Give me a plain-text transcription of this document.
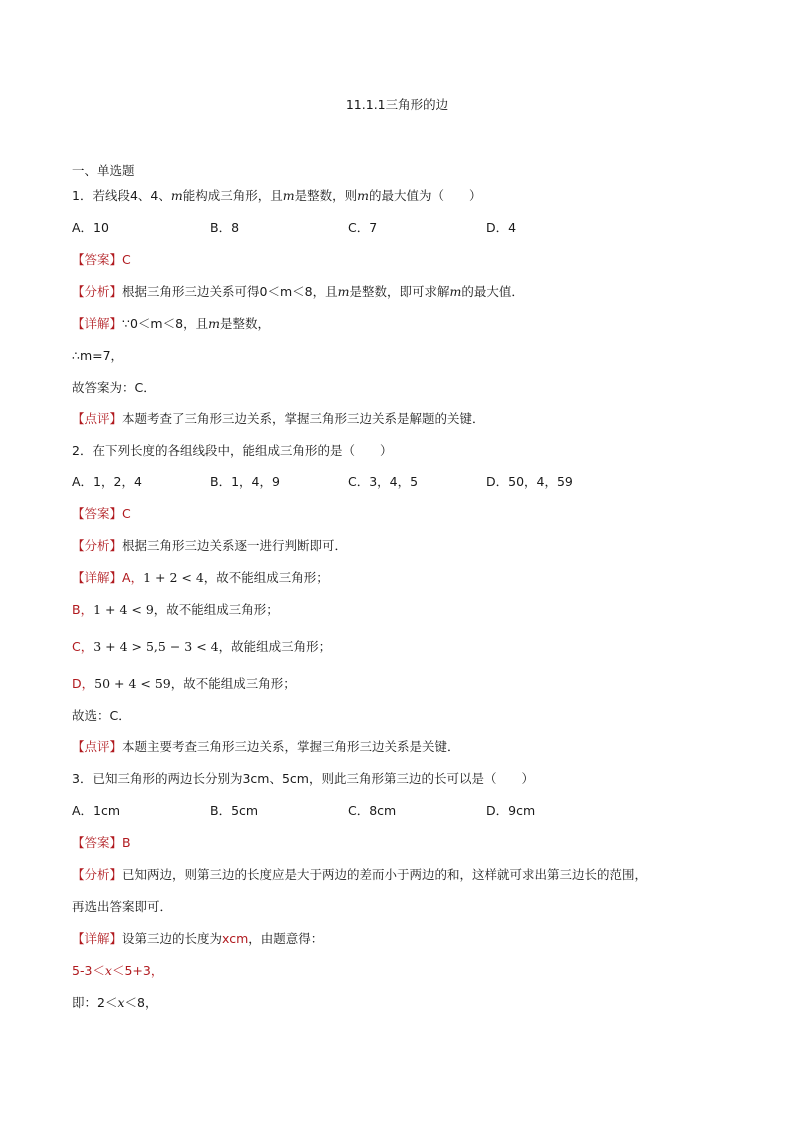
11.1.1三角形的边

一、单选题

1．若线段4、4、m能构成三角形，且m是整数，则m的最大值为（　　）

A．10	B．8	C．7	D．4

【答案】C

【分析】根据三角形三边关系可得0＜m＜8，且m是整数，即可求解m的最大值．

【详解】∵0＜m＜8，且m是整数，

∴m=7，

故答案为：C．

【点评】本题考查了三角形三边关系，掌握三角形三边关系是解题的关键．

2．在下列长度的各组线段中，能组成三角形的是（　　）

A．1，2，4	B．1，4，9	C．3，4，5	D．50，4，59

【答案】C

【分析】根据三角形三边关系逐一进行判断即可．

【详解】A，1 + 2 < 4，故不能组成三角形；

B，1 + 4 < 9，故不能组成三角形；

C，3 + 4 > 5,5 − 3 < 4，故能组成三角形；

D，50 + 4 < 59，故不能组成三角形；

故选：C．

【点评】本题主要考查三角形三边关系，掌握三角形三边关系是关键．

3．已知三角形的两边长分别为3cm、5cm，则此三角形第三边的长可以是（　　）

A．1cm	B．5cm	C．8cm	D．9cm

【答案】B

【分析】已知两边，则第三边的长度应是大于两边的差而小于两边的和，这样就可求出第三边长的范围，

再选出答案即可．

【详解】设第三边的长度为xcm，由题意得：

5-3＜x＜5+3，

即：2＜x＜8，
